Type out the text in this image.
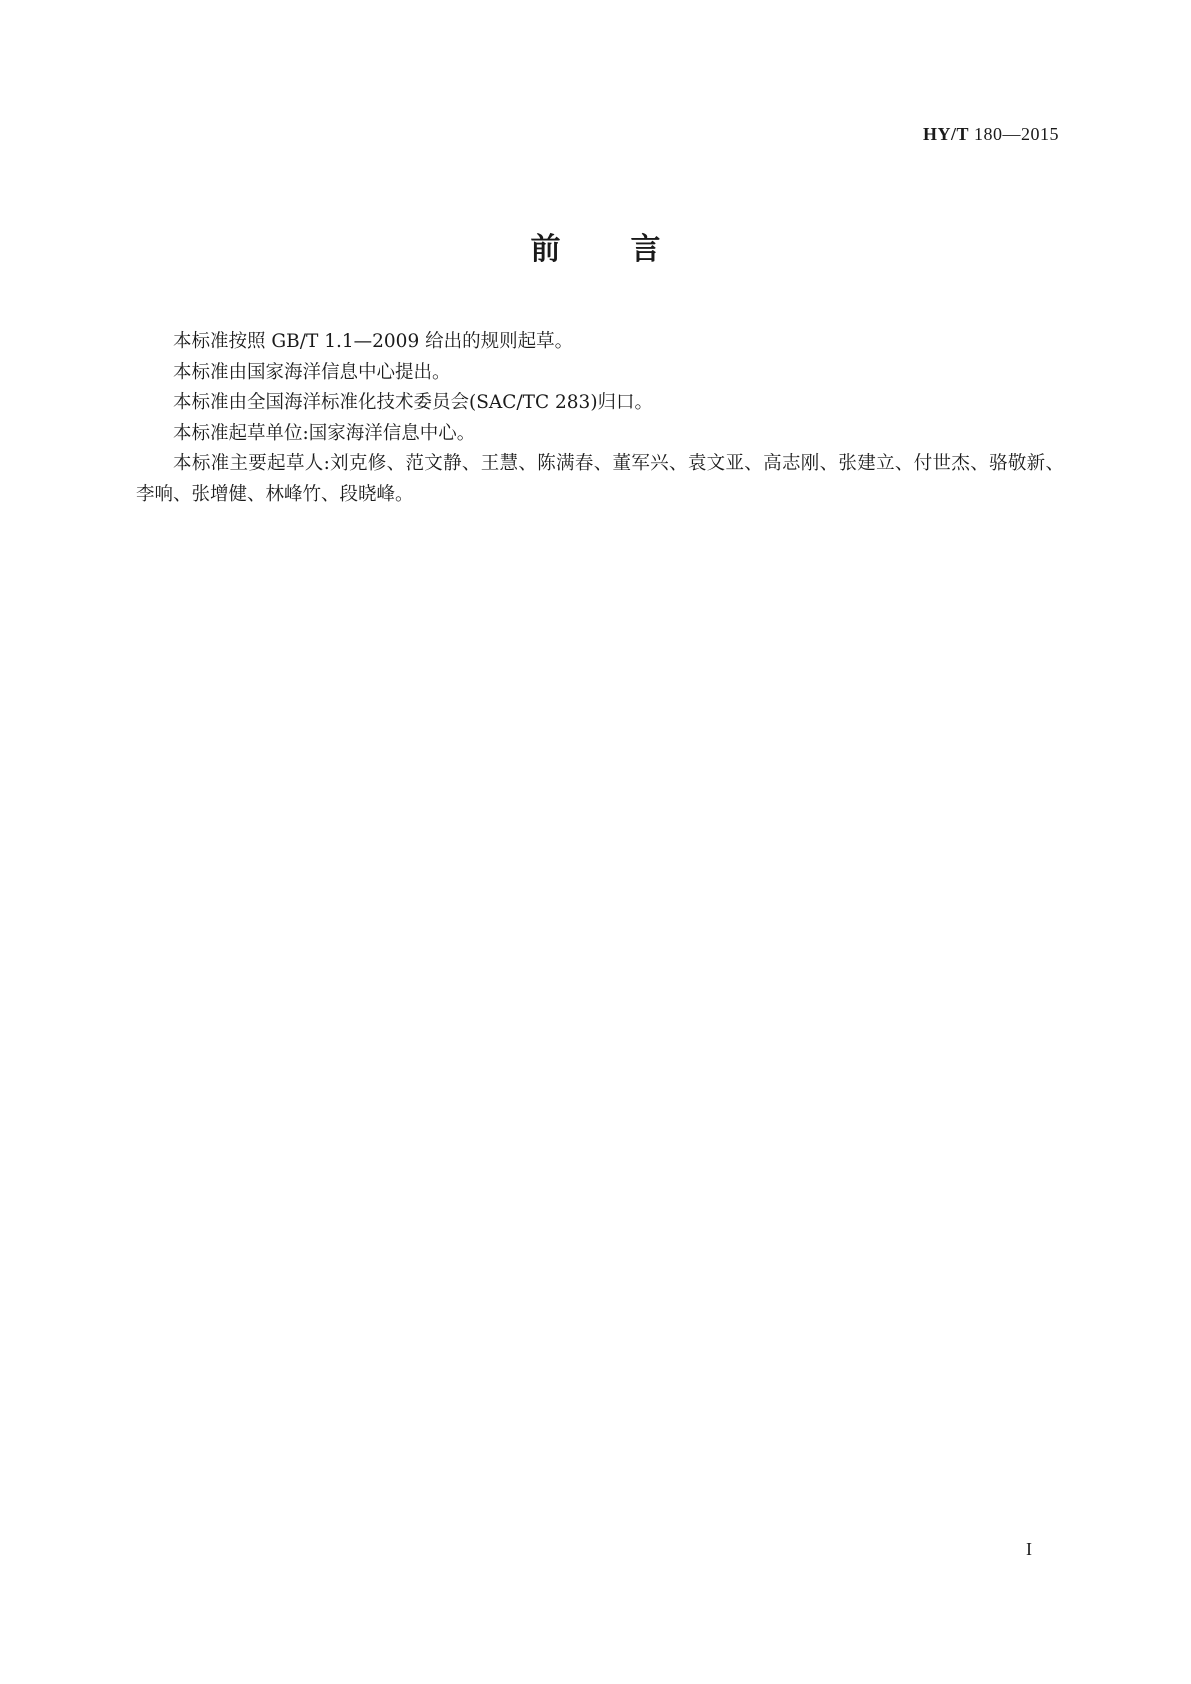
HY/T 180—2015
前言

本标准按照 GB/T 1.1—2009 给出的规则起草。

本标准由国家海洋信息中心提出。

本标准由全国海洋标准化技术委员会(SAC/TC 283)归口。

本标准起草单位:国家海洋信息中心。

本标准主要起草人:刘克修、范文静、王慧、陈满春、董军兴、袁文亚、高志刚、张建立、付世杰、骆敬新、李响、张增健、林峰竹、段晓峰。

I
